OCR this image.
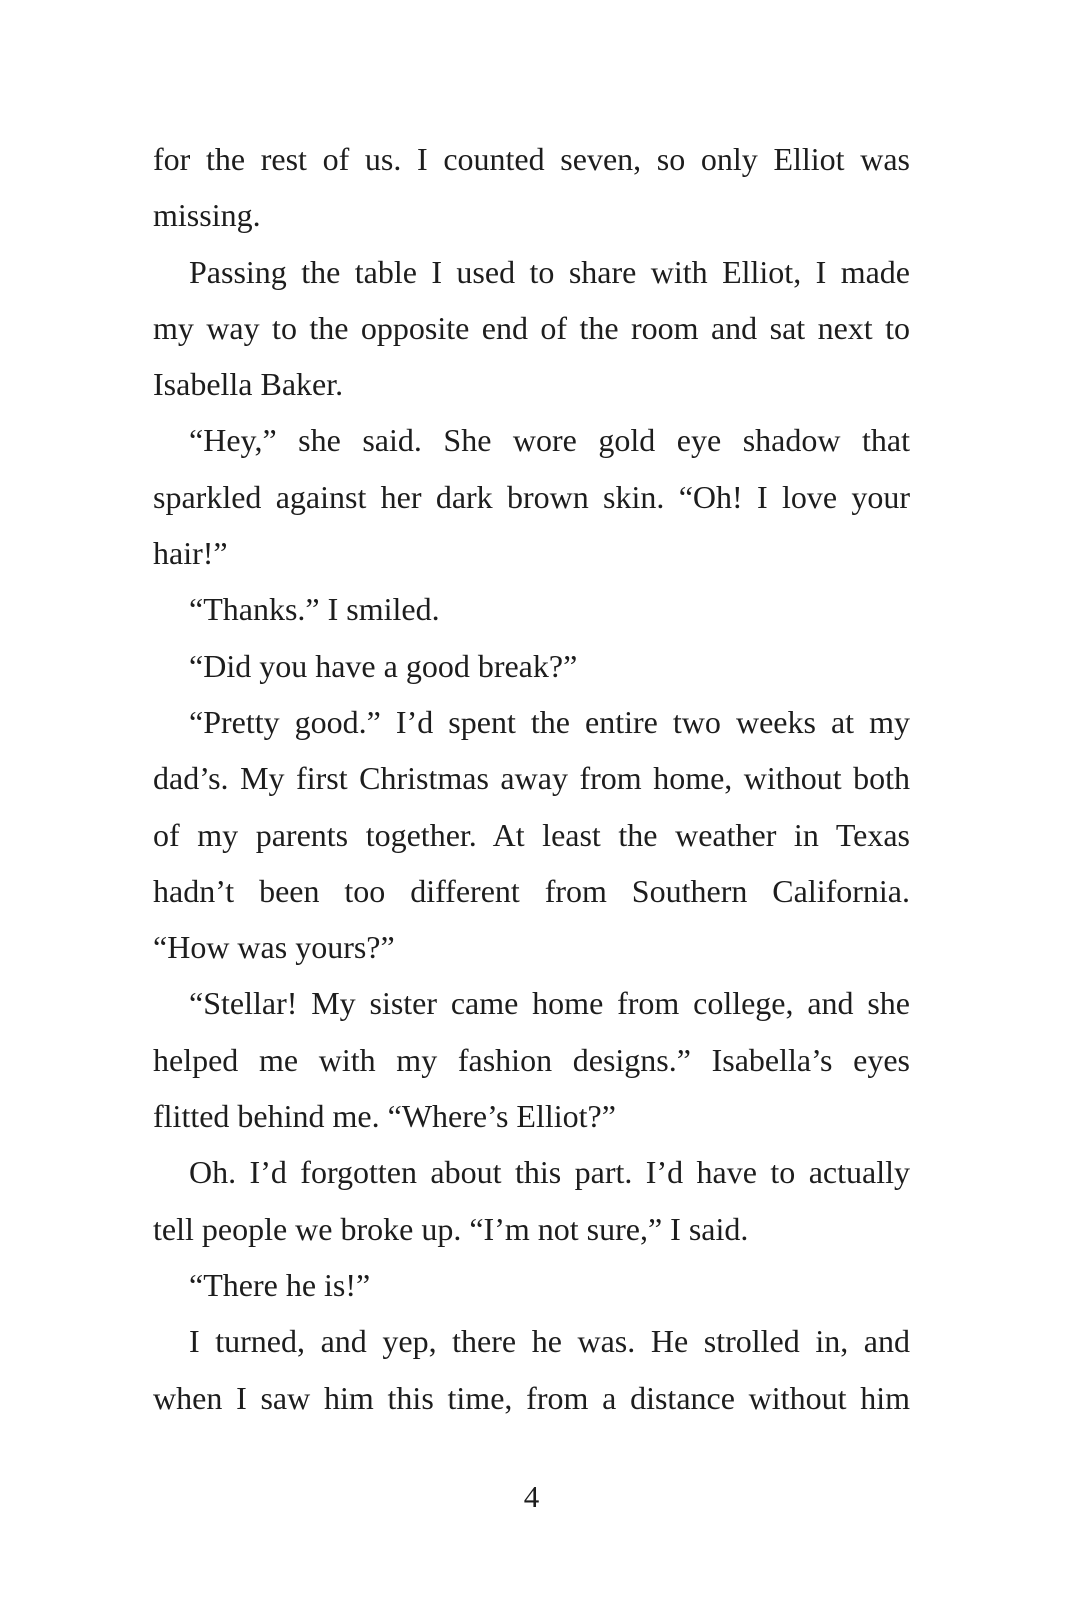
for the rest of us. I counted seven, so only Elliot was
missing.
Passing the table I used to share with Elliot, I made
my way to the opposite end of the room and sat next to
Isabella Baker.
“Hey,” she said. She wore gold eye shadow that
sparkled against her dark brown skin. “Oh! I love your
hair!”
“Thanks.” I smiled.
“Did you have a good break?”
“Pretty good.” I’d spent the entire two weeks at my
dad’s. My first Christmas away from home, without both
of my parents together. At least the weather in Texas
hadn’t been too different from Southern California.
“How was yours?”
“Stellar! My sister came home from college, and she
helped me with my fashion designs.” Isabella’s eyes
flitted behind me. “Where’s Elliot?”
Oh. I’d forgotten about this part. I’d have to actually
tell people we broke up. “I’m not sure,” I said.
“There he is!”
I turned, and yep, there he was. He strolled in, and
when I saw him this time, from a distance without him
4
